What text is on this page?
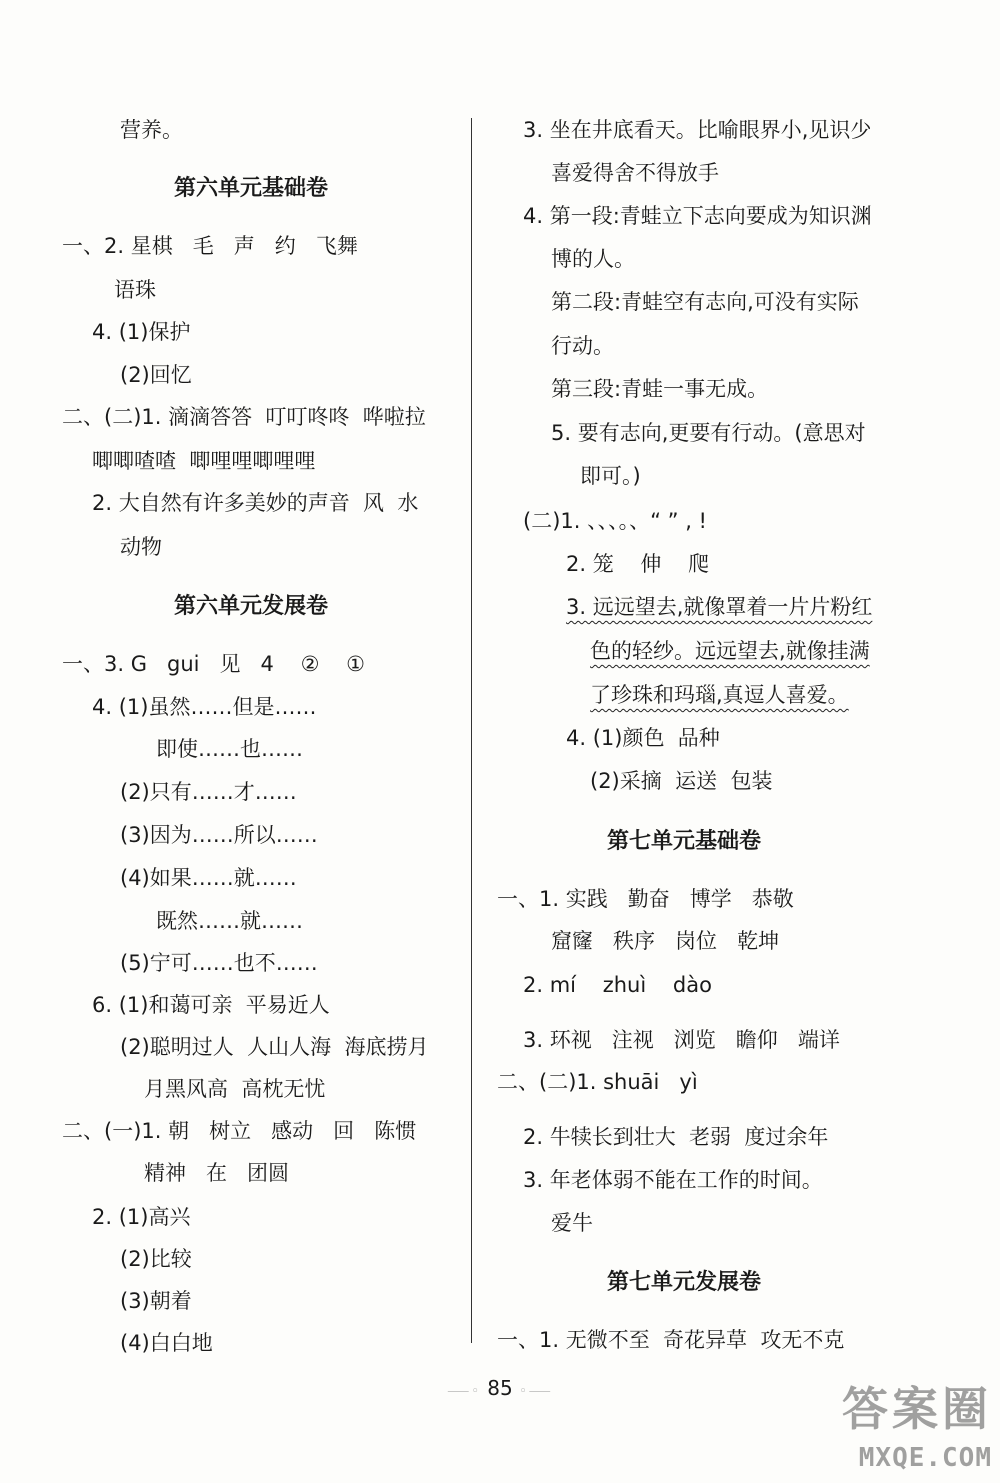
营养。
第六单元基础卷
一、2. 星棋   毛   声   约   飞舞
语珠
4. (1)保护
(2)回忆
二、(二)1. 滴滴答答  叮叮咚咚  哗啦拉
唧唧喳喳  唧哩哩唧哩哩
2. 大自然有许多美妙的声音  风  水
动物
第六单元发展卷
一、3. G   gui   见   4    ②    ①
4. (1)虽然……但是……
即使……也……
(2)只有……才……
(3)因为……所以……
(4)如果……就……
既然……就……
(5)宁可……也不……
6. (1)和蔼可亲  平易近人
(2)聪明过人  人山人海  海底捞月
月黑风高  高枕无忧
二、(一)1. 朝   树立   感动   回   陈惯
精神   在   团圆
2. (1)高兴
(2)比较
(3)朝着
(4)白白地
3. 坐在井底看天。比喻眼界小,见识少
喜爱得舍不得放手
4. 第一段:青蛙立下志向要成为知识渊
博的人。
第二段:青蛙空有志向,可没有实际
行动。
第三段:青蛙一事无成。
5. 要有志向,更要有行动。(意思对
即可。)
(二)1. 、、、。、“ ” , !
2. 笼    伸    爬
3. 远远望去,就像罩着一片片粉红
色的轻纱。远远望去,就像挂满
了珍珠和玛瑙,真逗人喜爱。
4. (1)颜色  品种
(2)采摘  运送  包装
第七单元基础卷
一、1. 实践   勤奋   博学   恭敬
窟窿   秩序   岗位   乾坤
2. mí    zhuì    dào
3. 环视   注视   浏览   瞻仰   端详
二、(二)1. shuāi   yì
2. 牛犊长到壮大  老弱  度过余年
3. 年老体弱不能在工作的时间。
爱牛
第七单元发展卷
一、1. 无微不至  奇花异草  攻无不克
⸺◦ 85 ◦⸺	答案圈
MXQE.COM
